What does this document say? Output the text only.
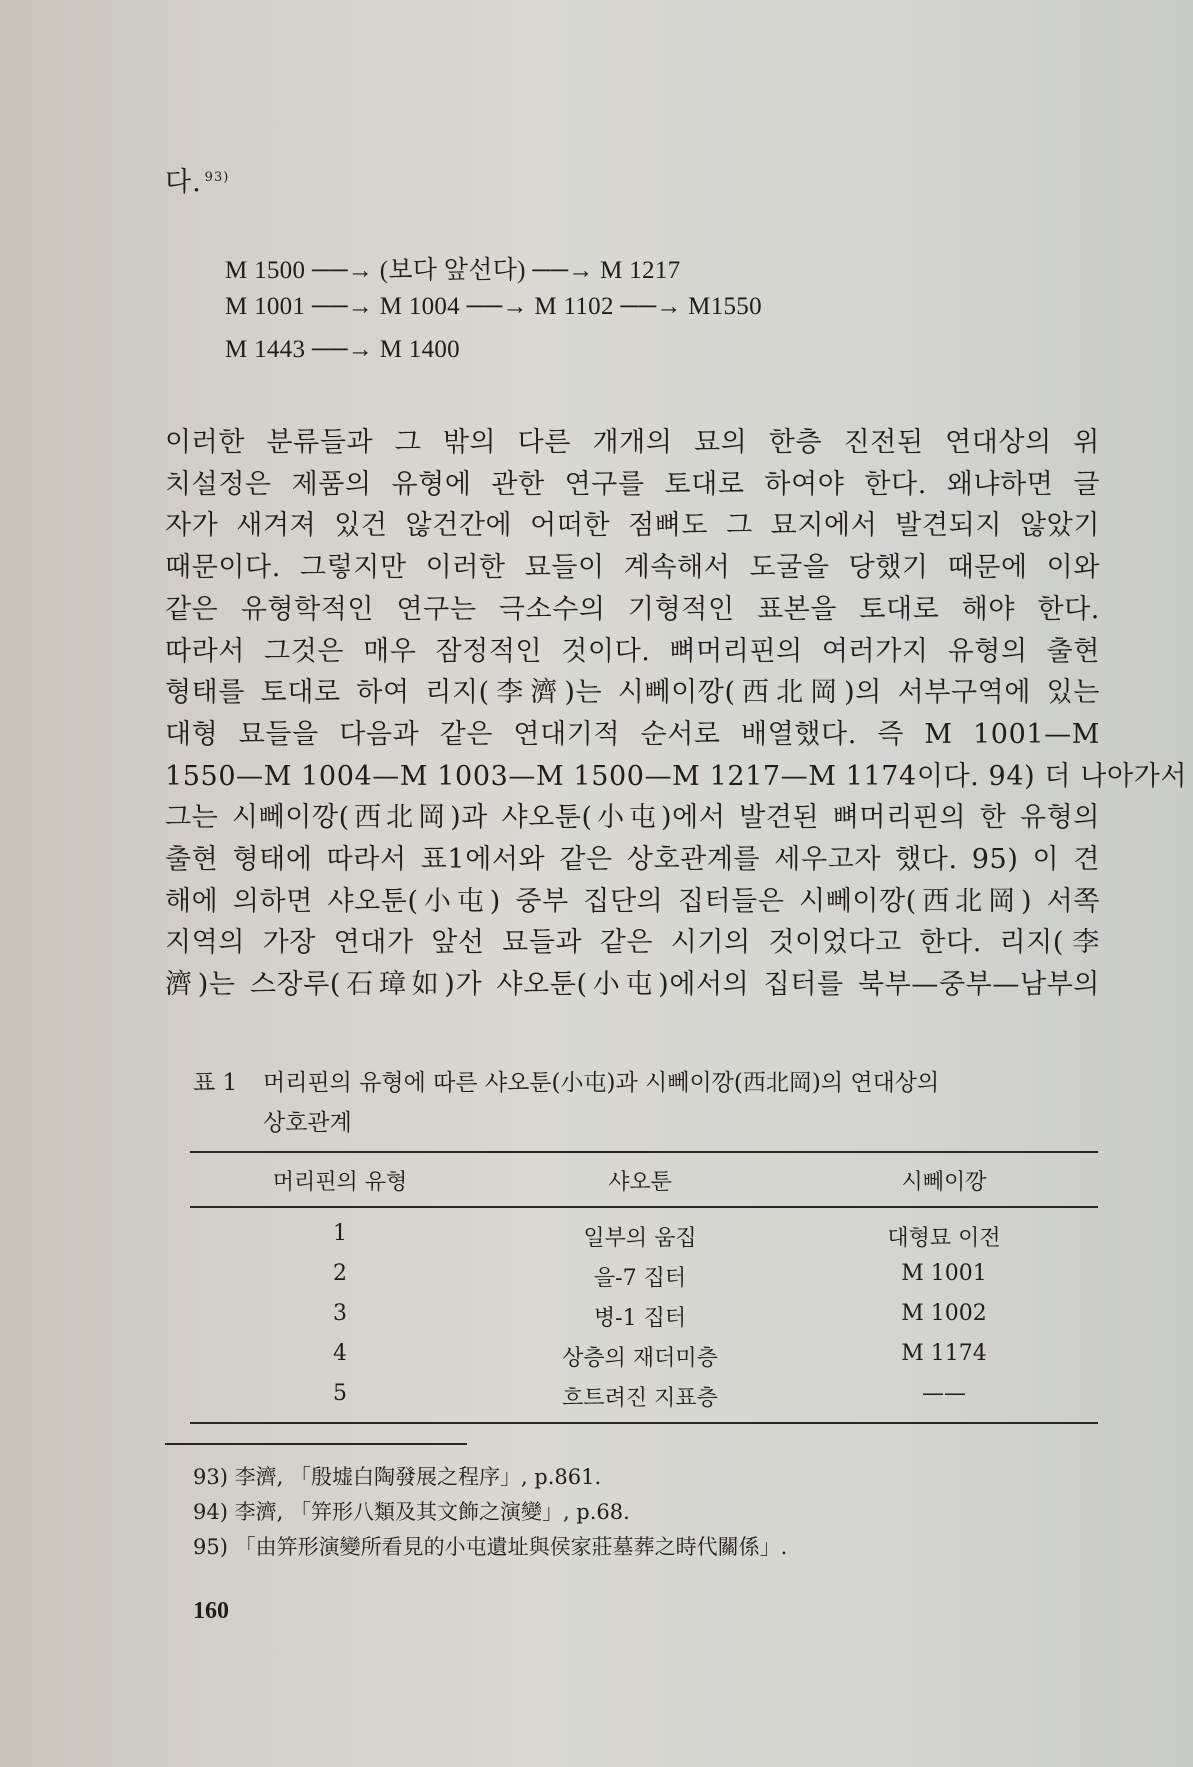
다. $^{93)}$
M 1500 ──→ (보다 앞선다) ──→ M 1217
M 1001 ──→ M 1004 ──→ M 1102 ──→ M1550
M 1443 ──→ M 1400
이러한 분류들과 그 밖의 다른 개개의 묘의 한층 진전된 연대상의 위
치설정은 제품의 유형에 관한 연구를 토대로 하여야 한다. 왜냐하면 글
자가 새겨져 있건 않건간에 어떠한 점뼈도 그 묘지에서 발견되지 않았기
때문이다. 그렇지만 이러한 묘들이 계속해서 도굴을 당했기 때문에 이와
같은 유형학적인 연구는 극소수의 기형적인 표본을 토대로 해야 한다.
따라서 그것은 매우 잠정적인 것이다. 뼈머리핀의 여러가지 유형의 출현
형태를 토대로 하여 리지(李濟)는 시뻬이깡(西北岡)의 서부구역에 있는
대형 묘들을 다음과 같은 연대기적 순서로 배열했다. 즉 M 1001—M
1550—M 1004—M 1003—M 1500—M 1217—M 1174이다. 94) 더 나아가서
그는 시뻬이깡(西北岡)과 샤오툰(小屯)에서 발견된 뼈머리핀의 한 유형의
출현 형태에 따라서 표1에서와 같은 상호관계를 세우고자 했다. 95) 이 견
해에 의하면 샤오툰(小屯) 중부 집단의 집터들은 시뻬이깡(西北岡) 서쪽
지역의 가장 연대가 앞선 묘들과 같은 시기의 것이었다고 한다. 리지(李
濟)는 스장루(石璋如)가 샤오툰(小屯)에서의 집터를 북부—중부—남부의
표 1 머리핀의 유형에 따른 샤오툰(小屯)과 시뻬이깡(西北岡)의 연대상의
상호관계
머리핀의 유형	샤오툰	시뻬이깡
1	일부의 움집	대형묘 이전
2	을-7 집터	M 1001
3	병-1 집터	M 1002
4	상층의 재더미층	M 1174
5	흐트려진 지표층	——
93) 李濟, 「殷墟白陶發展之程序」, p.861.
94) 李濟, 「笄形八類及其文飾之演變」, p.68.
95) 「由笄形演變所看見的小屯遺址與侯家莊墓葬之時代關係」.
160
